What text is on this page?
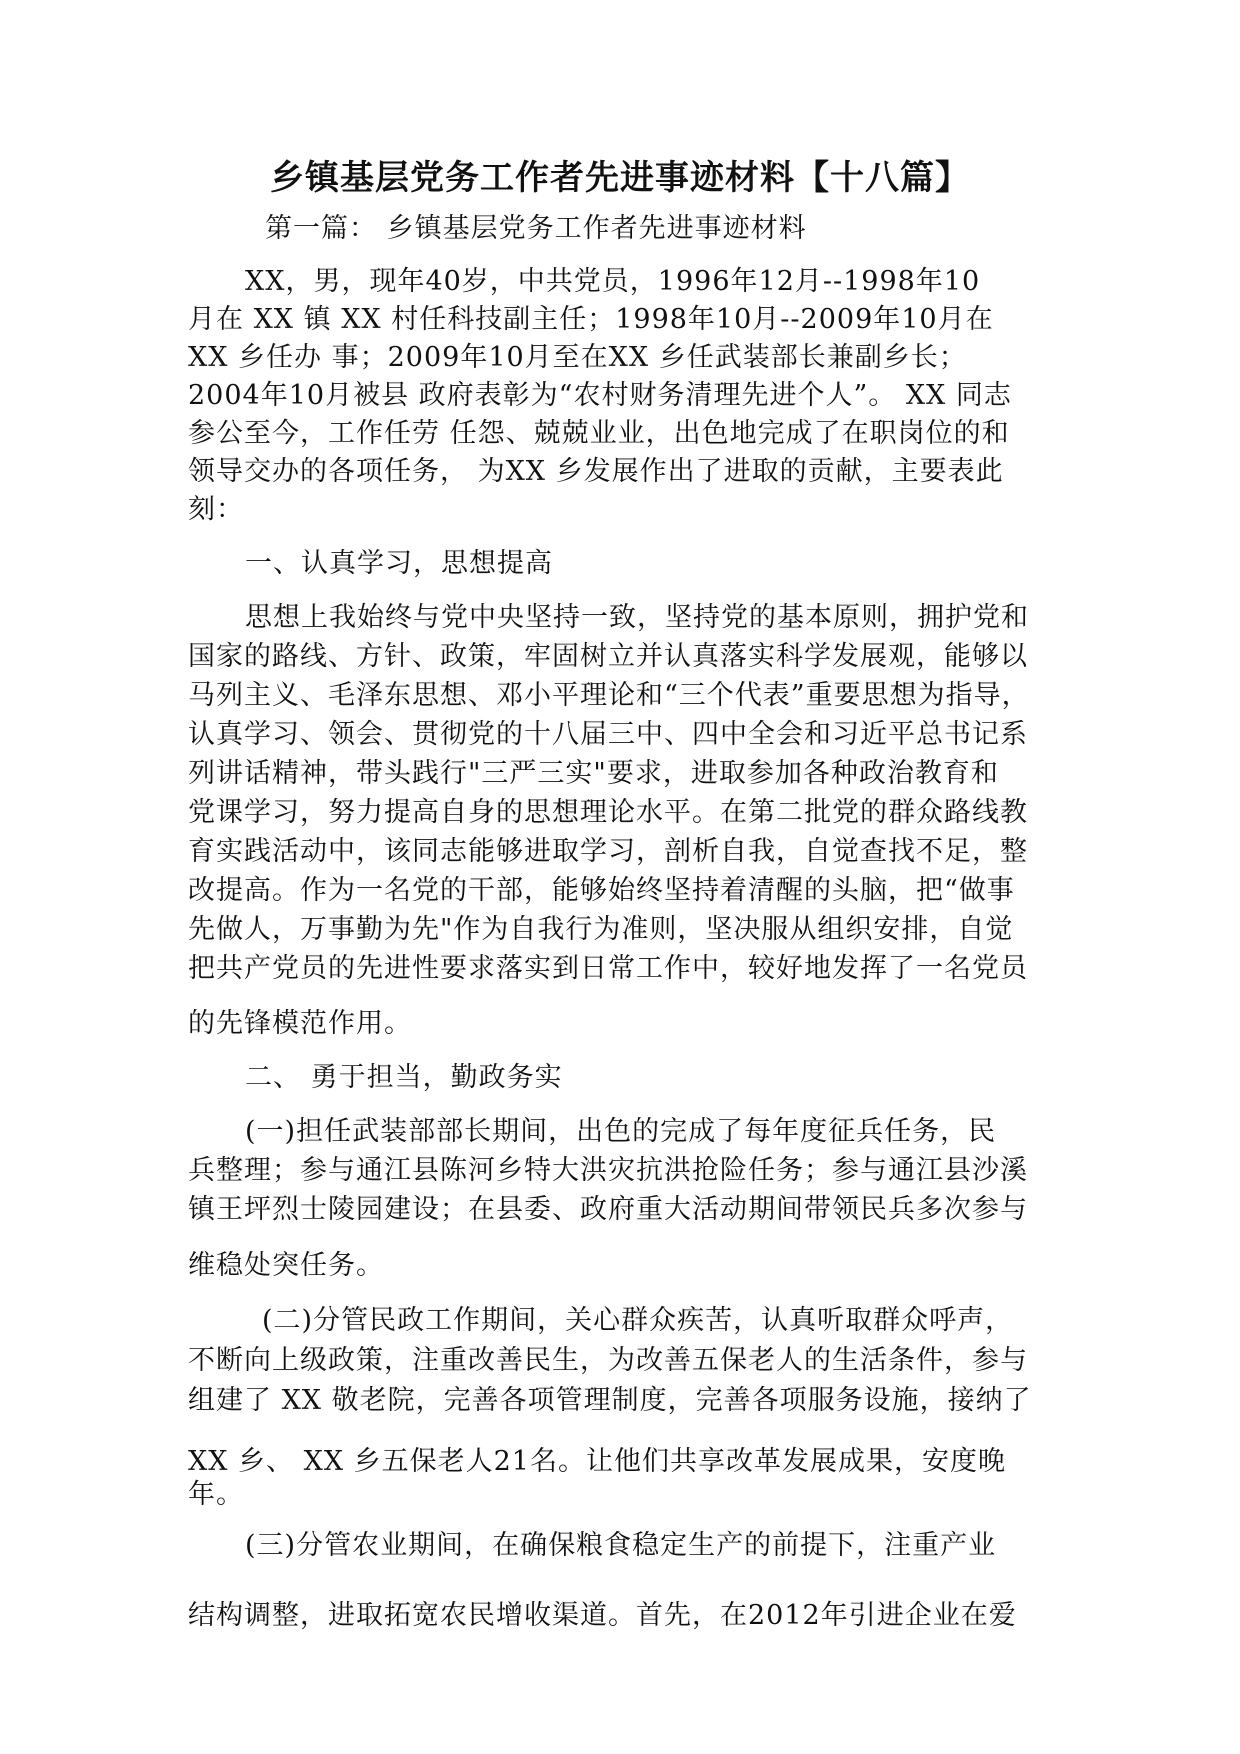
乡镇基层党务工作者先进事迹材料【十八篇】
第一篇： 乡镇基层党务工作者先进事迹材料
XX，男，现年40岁，中共党员，1996年12月--1998年10
月在 XX 镇 XX 村任科技副主任；1998年10月--2009年10月在
XX 乡任办 事；2009年10月至在XX 乡任武装部长兼副乡长；
2004年10月被县 政府表彰为“农村财务清理先进个人”。 XX 同志
参公至今，工作任劳 任怨、兢兢业业，出色地完成了在职岗位的和
领导交办的各项任务， 为XX 乡发展作出了进取的贡献，主要表此
刻：
一、认真学习，思想提高
思想上我始终与党中央坚持一致，坚持党的基本原则，拥护党和
国家的路线、方针、政策，牢固树立并认真落实科学发展观，能够以
马列主义、毛泽东思想、邓小平理论和“三个代表”重要思想为指导，
认真学习、领会、贯彻党的十八届三中、四中全会和习近平总书记系
列讲话精神，带头践行"三严三实"要求，进取参加各种政治教育和
党课学习，努力提高自身的思想理论水平。在第二批党的群众路线教
育实践活动中，该同志能够进取学习，剖析自我，自觉查找不足，整
改提高。作为一名党的干部，能够始终坚持着清醒的头脑，把“做事
先做人，万事勤为先"作为自我行为准则，坚决服从组织安排，自觉
把共产党员的先进性要求落实到日常工作中，较好地发挥了一名党员
的先锋模范作用。
二、 勇于担当，勤政务实
(一)担任武装部部长期间，出色的完成了每年度征兵任务，民
兵整理；参与通江县陈河乡特大洪灾抗洪抢险任务；参与通江县沙溪
镇王坪烈士陵园建设；在县委、政府重大活动期间带领民兵多次参与
维稳处突任务。
(二)分管民政工作期间，关心群众疾苦，认真听取群众呼声，
不断向上级政策，注重改善民生，为改善五保老人的生活条件，参与
组建了 XX 敬老院，完善各项管理制度，完善各项服务设施，接纳了
XX 乡、 XX 乡五保老人21名。让他们共享改革发展成果，安度晚
年。
(三)分管农业期间，在确保粮食稳定生产的前提下，注重产业
结构调整，进取拓宽农民增收渠道。首先，在2012年引进企业在爱
